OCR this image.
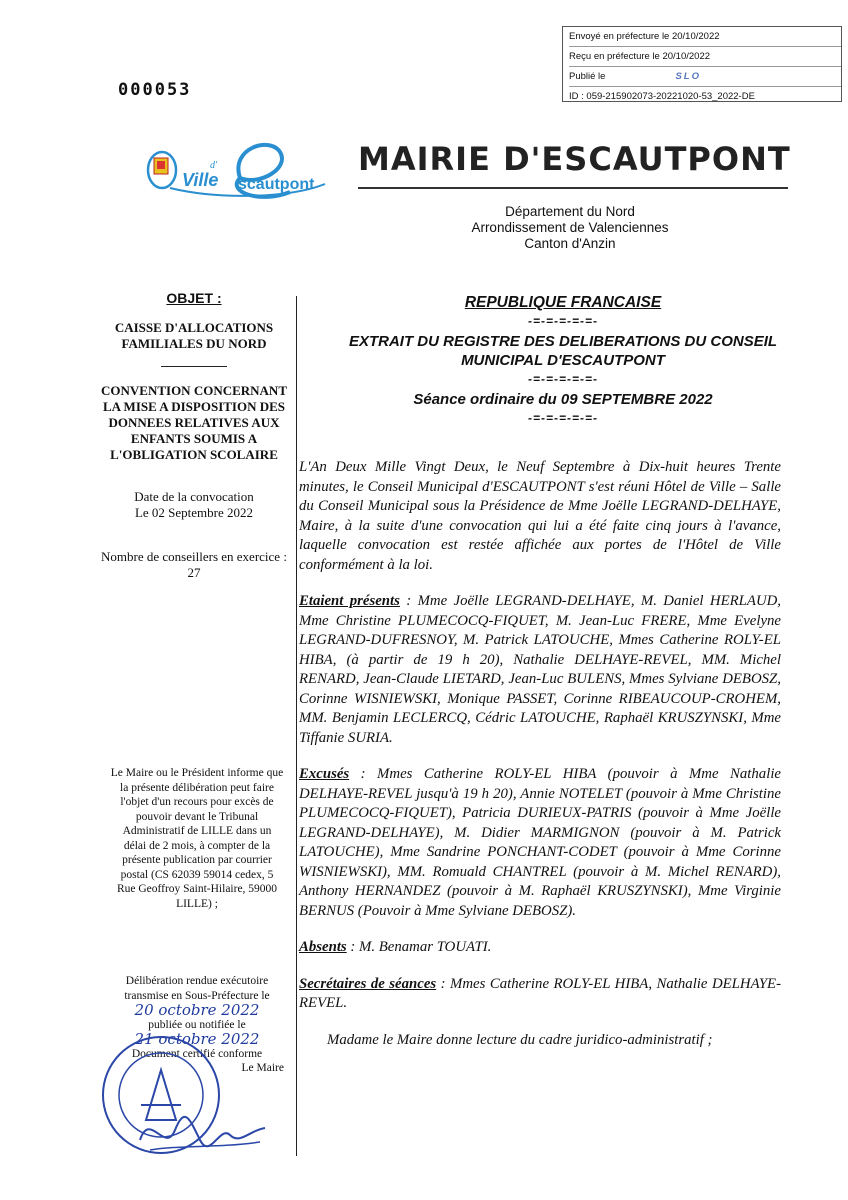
Envoyé en préfecture le 20/10/2022
Reçu en préfecture le 20/10/2022
Publié le	SLO
ID : 059-215902073-20221020-53_2022-DE
000053
d'
Ville scautpont
MAIRIE D'ESCAUTPONT
Département du Nord
Arrondissement de Valenciennes
Canton d'Anzin
OBJET :
CAISSE D'ALLOCATIONS FAMILIALES DU NORD
CONVENTION CONCERNANT LA MISE A DISPOSITION DES DONNEES RELATIVES AUX ENFANTS SOUMIS A L'OBLIGATION SCOLAIRE
Date de la convocation
Le 02 Septembre 2022
Nombre de conseillers en exercice : 27
Le Maire ou le Président informe que la présente délibération peut faire l'objet d'un recours pour excès de pouvoir devant le Tribunal Administratif de LILLE dans un délai de 2 mois, à compter de la présente publication par courrier postal (CS 62039 59014 cedex, 5 Rue Geoffroy Saint-Hilaire, 59000 LILLE) ;
Délibération rendue exécutoire transmise en Sous-Préfecture le
20 octobre 2022
publiée ou notifiée le
21 octobre 2022
Document certifié conforme
Le Maire
REPUBLIQUE FRANCAISE
-=-=-=-=-=-
EXTRAIT DU REGISTRE DES DELIBERATIONS DU CONSEIL MUNICIPAL D'ESCAUTPONT
-=-=-=-=-=-
Séance ordinaire du 09 SEPTEMBRE 2022
-=-=-=-=-=-

L'An Deux Mille Vingt Deux, le Neuf Septembre à Dix-huit heures Trente minutes, le Conseil Municipal d'ESCAUTPONT s'est réuni Hôtel de Ville – Salle du Conseil Municipal sous la Présidence de Mme Joëlle LEGRAND-DELHAYE, Maire, à la suite d'une convocation qui lui a été faite cinq jours à l'avance, laquelle convocation est restée affichée aux portes de l'Hôtel de Ville conformément à la loi.

Etaient présents : Mme Joëlle LEGRAND-DELHAYE, M. Daniel HERLAUD, Mme Christine PLUMECOCQ-FIQUET, M. Jean-Luc FRERE, Mme Evelyne LEGRAND-DUFRESNOY, M. Patrick LATOUCHE, Mmes Catherine ROLY-EL HIBA, (à partir de 19 h 20), Nathalie DELHAYE-REVEL, MM. Michel RENARD, Jean-Claude LIETARD, Jean-Luc BULENS, Mmes Sylviane DEBOSZ, Corinne WISNIEWSKI, Monique PASSET, Corinne RIBEAUCOUP-CROHEM, MM. Benjamin LECLERCQ, Cédric LATOUCHE, Raphaël KRUSZYNSKI, Mme Tiffanie SURIA.

Excusés : Mmes Catherine ROLY-EL HIBA (pouvoir à Mme Nathalie DELHAYE-REVEL jusqu'à 19 h 20), Annie NOTELET (pouvoir à Mme Christine PLUMECOCQ-FIQUET), Patricia DURIEUX-PATRIS (pouvoir à Mme Joëlle LEGRAND-DELHAYE), M. Didier MARMIGNON (pouvoir à M. Patrick LATOUCHE), Mme Sandrine PONCHANT-CODET (pouvoir à Mme Corinne WISNIEWSKI), MM. Romuald CHANTREL (pouvoir à M. Michel RENARD), Anthony HERNANDEZ (pouvoir à M. Raphaël KRUSZYNSKI), Mme Virginie BERNUS (Pouvoir à Mme Sylviane DEBOSZ).

Absents : M. Benamar TOUATI.

Secrétaires de séances : Mmes Catherine ROLY-EL HIBA, Nathalie DELHAYE-REVEL.

Madame le Maire donne lecture du cadre juridico-administratif ;
